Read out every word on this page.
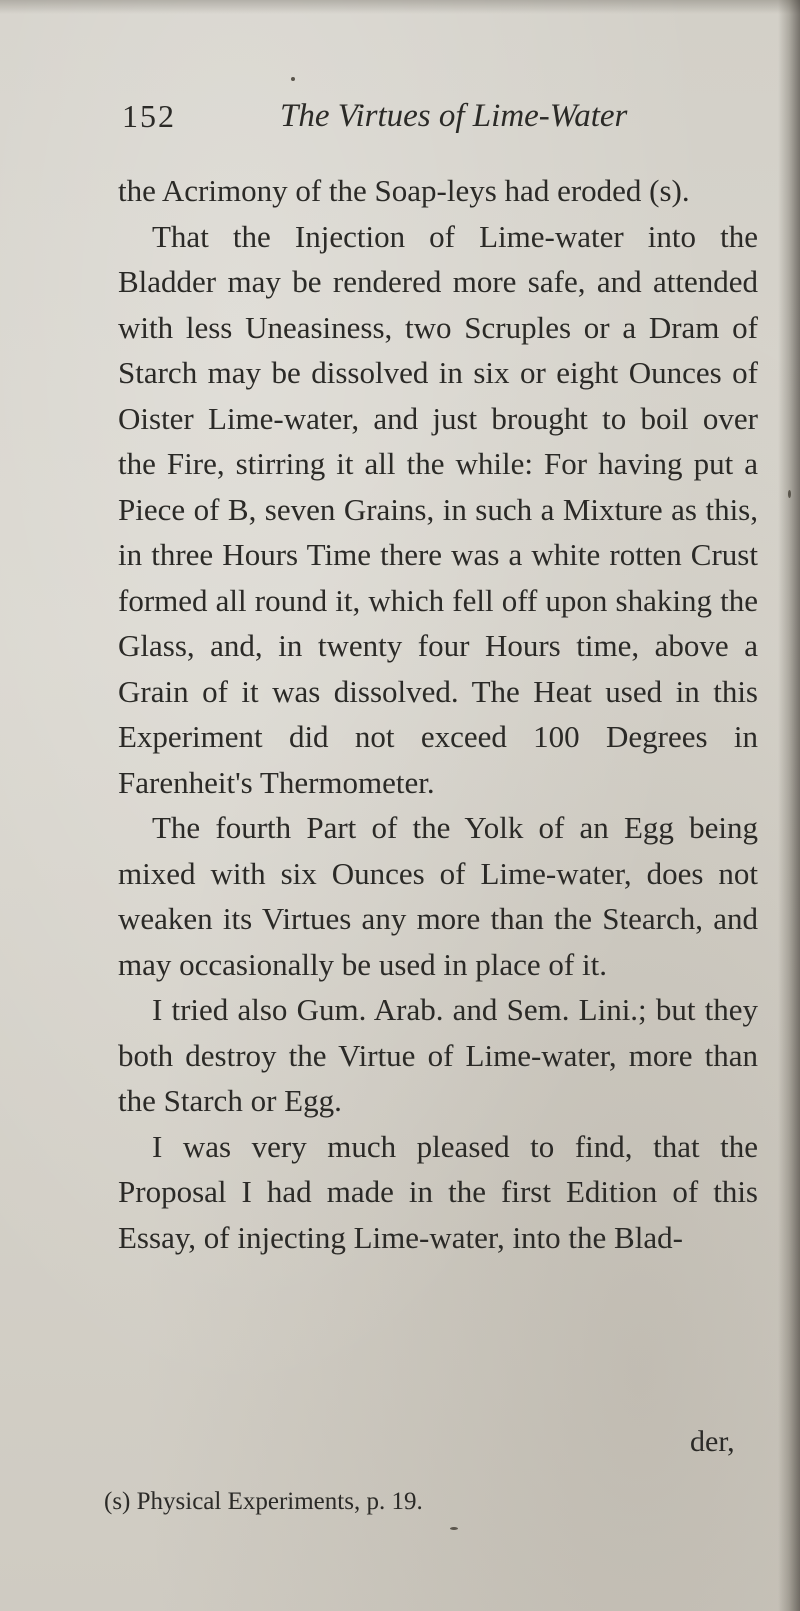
152	The Virtues of Lime-Water

the Acrimony of the Soap-leys had eroded (s).

That the Injection of Lime-water into the Bladder may be rendered more safe, and attended with less Uneasiness, two Scruples or a Dram of Starch may be dissolved in six or eight Ounces of Oister Lime-water, and just brought to boil over the Fire, stirring it all the while: For having put a Piece of B, seven Grains, in such a Mixture as this, in three Hours Time there was a white rotten Crust formed all round it, which fell off upon shaking the Glass, and, in twenty four Hours time, above a Grain of it was dissolved. The Heat used in this Experiment did not exceed 100 Degrees in Farenheit's Thermometer.

The fourth Part of the Yolk of an Egg being mixed with six Ounces of Lime-water, does not weaken its Virtues any more than the Stearch, and may occasionally be used in place of it.

I tried also Gum. Arab. and Sem. Lini.; but they both destroy the Virtue of Lime-water, more than the Starch or Egg.

I was very much pleased to find, that the Proposal I had made in the first Edition of this Essay, of injecting Lime-water, into the Blad-

der,
(s) Physical Experiments, p. 19.
